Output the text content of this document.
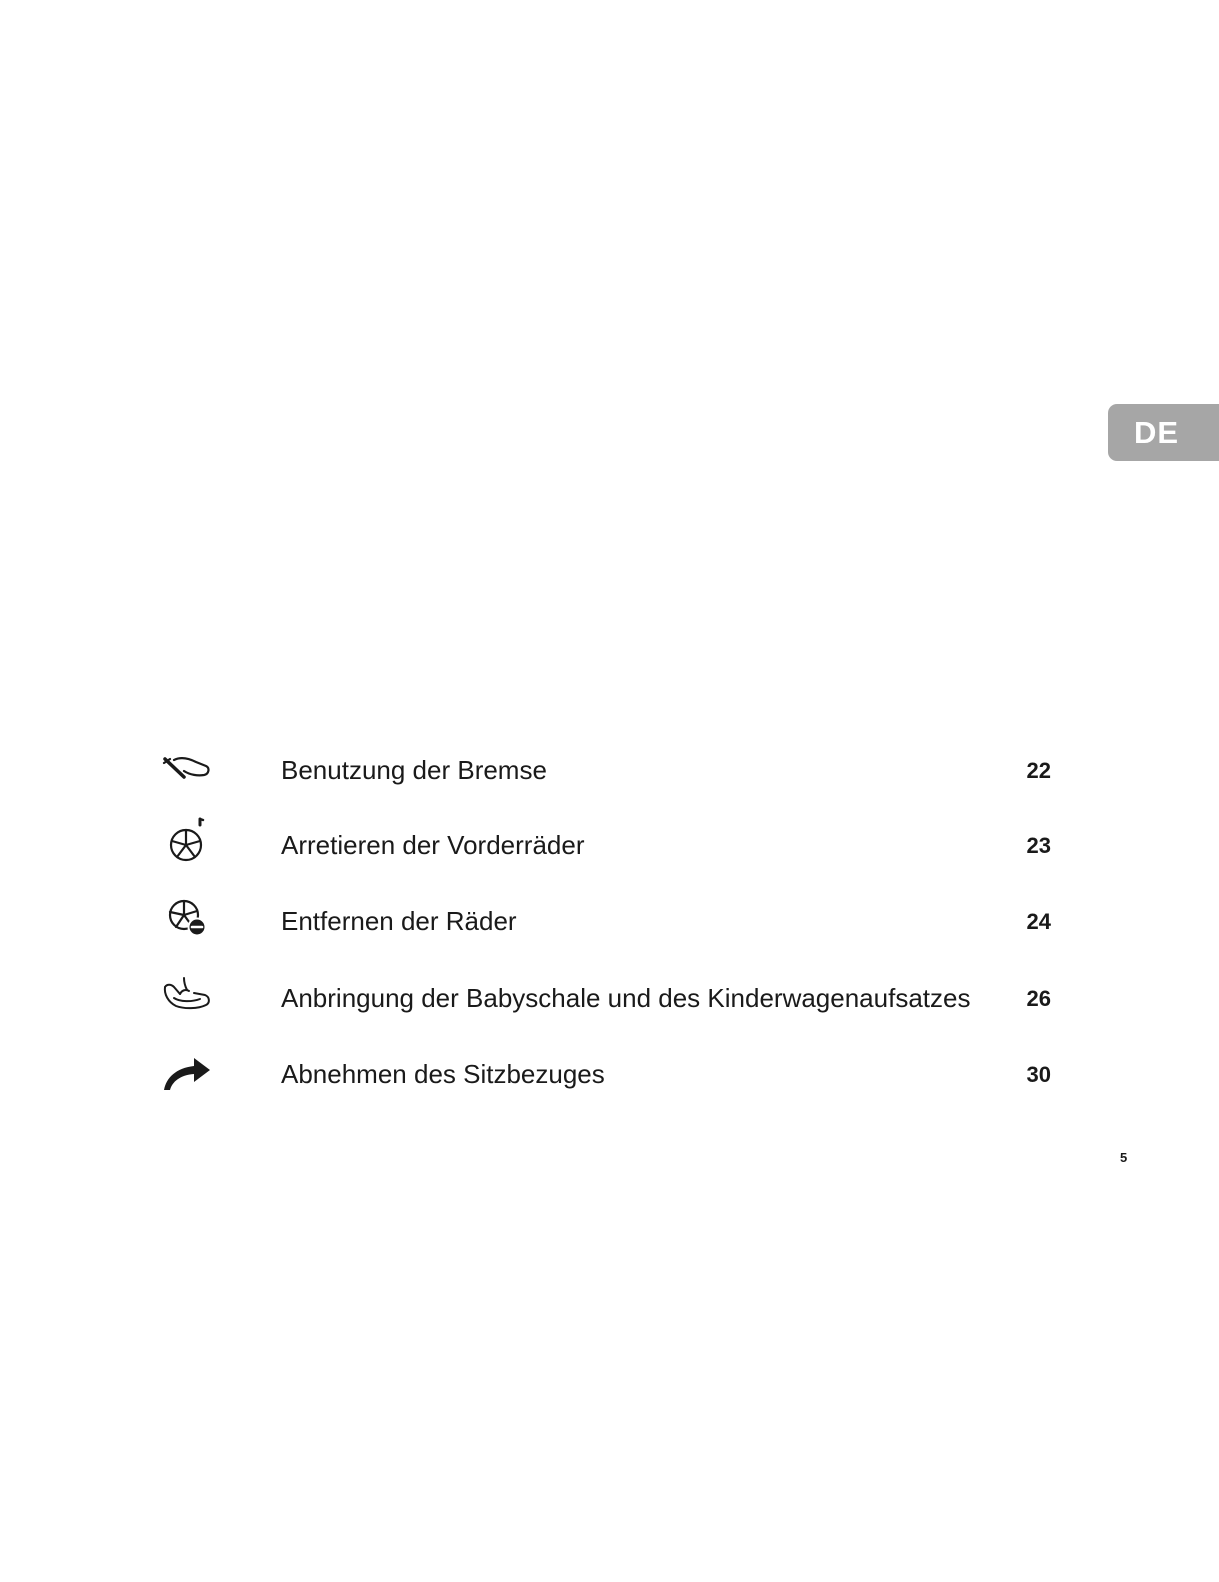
DE
Benutzung der Bremse	22
Arretieren der Vorderräder	23
Entfernen der Räder	24
Anbringung der Babyschale und des Kinderwagenaufsatzes	26
Abnehmen des Sitzbezuges	30
5
